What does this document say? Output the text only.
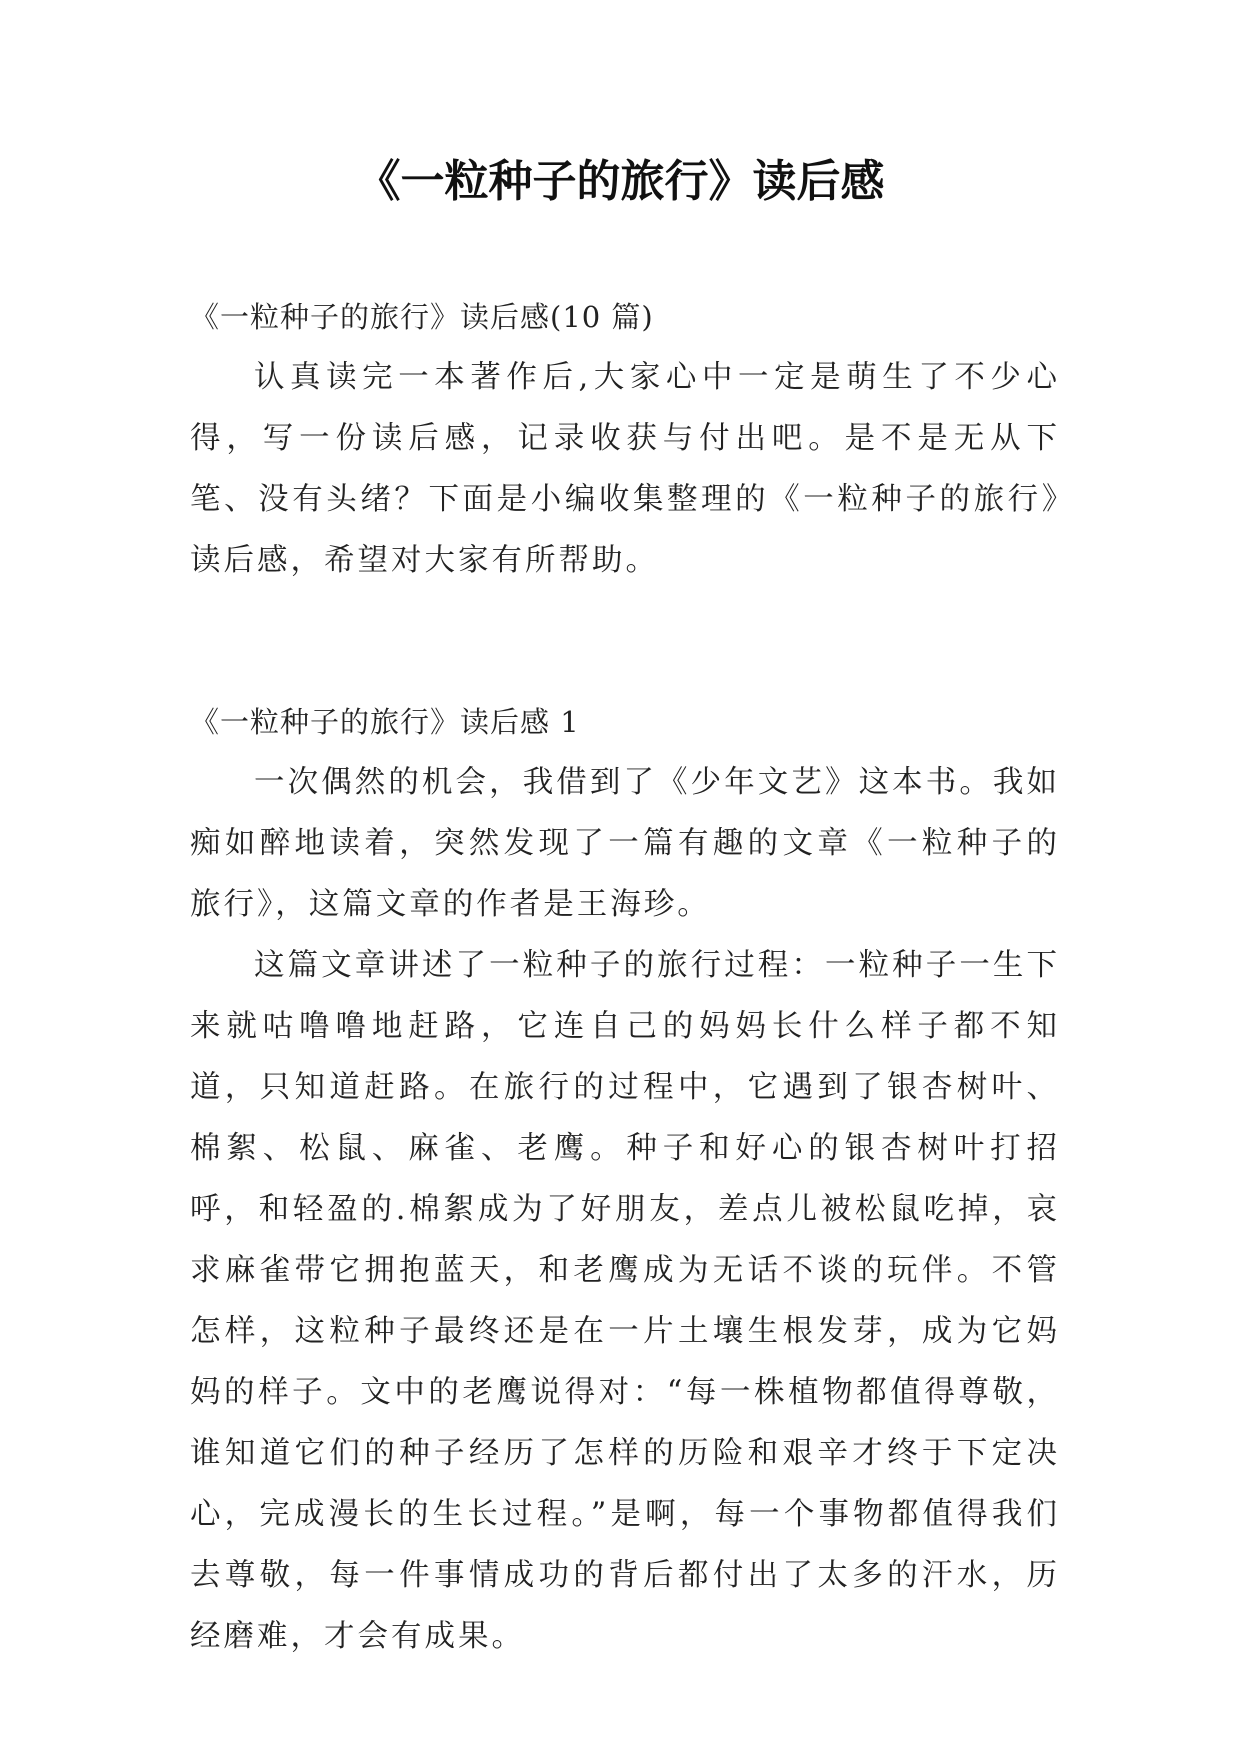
《一粒种子的旅行》读后感

《一粒种子的旅行》读后感(10 篇)

认真读完一本著作后,大家心中一定是萌生了不少心得，写一份读后感，记录收获与付出吧。是不是无从下笔、没有头绪？下面是小编收集整理的《一粒种子的旅行》读后感，希望对大家有所帮助。

《一粒种子的旅行》读后感 1

一次偶然的机会，我借到了《少年文艺》这本书。我如痴如醉地读着，突然发现了一篇有趣的文章《一粒种子的旅行》，这篇文章的作者是王海珍。

这篇文章讲述了一粒种子的旅行过程：一粒种子一生下来就咕噜噜地赶路，它连自己的妈妈长什么样子都不知道，只知道赶路。在旅行的过程中，它遇到了银杏树叶、棉絮、松鼠、麻雀、老鹰。种子和好心的银杏树叶打招呼，和轻盈的.棉絮成为了好朋友，差点儿被松鼠吃掉，哀求麻雀带它拥抱蓝天，和老鹰成为无话不谈的玩伴。不管怎样，这粒种子最终还是在一片土壤生根发芽，成为它妈妈的样子。文中的老鹰说得对：“每一株植物都值得尊敬，谁知道它们的种子经历了怎样的历险和艰辛才终于下定决心，完成漫长的生长过程。”是啊，每一个事物都值得我们去尊敬，每一件事情成功的背后都付出了太多的汗水，历经磨难，才会有成果。
